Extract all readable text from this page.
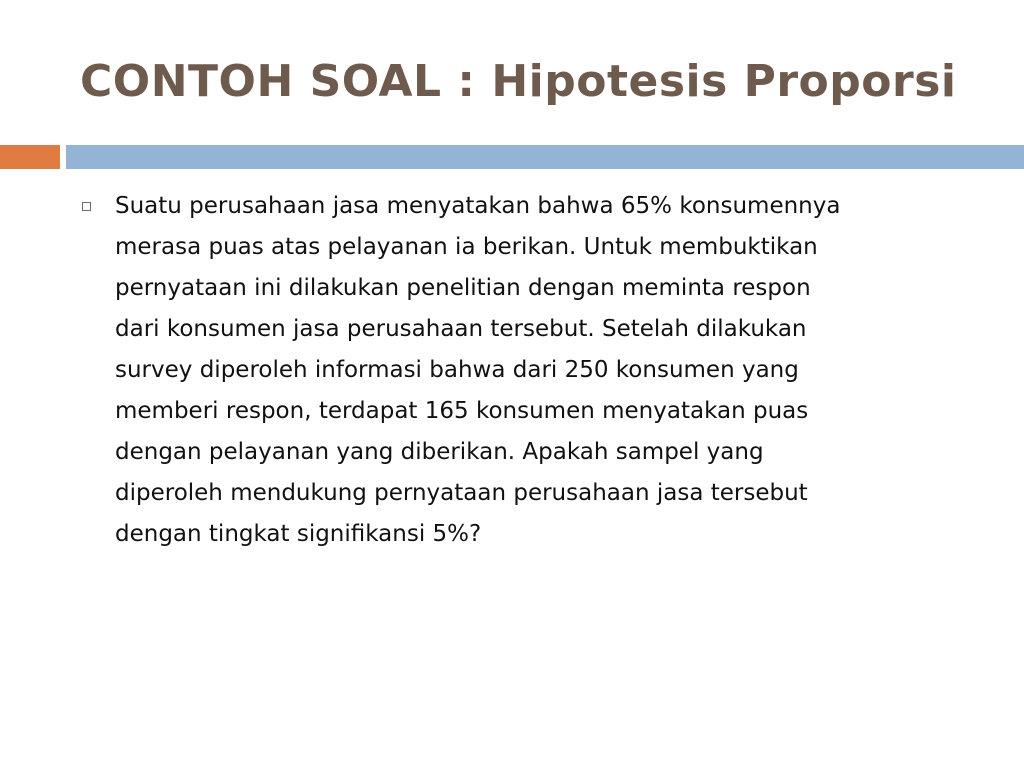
CONTOH SOAL : Hipotesis Proporsi

Suatu perusahaan jasa menyatakan bahwa 65% konsumennya
merasa puas atas pelayanan ia berikan. Untuk membuktikan
pernyataan ini dilakukan penelitian dengan meminta respon
dari konsumen jasa perusahaan tersebut. Setelah dilakukan
survey diperoleh informasi bahwa dari 250 konsumen yang
memberi respon, terdapat 165 konsumen menyatakan puas
dengan pelayanan yang diberikan. Apakah sampel yang
diperoleh mendukung pernyataan perusahaan jasa tersebut
dengan tingkat signifikansi 5%?
